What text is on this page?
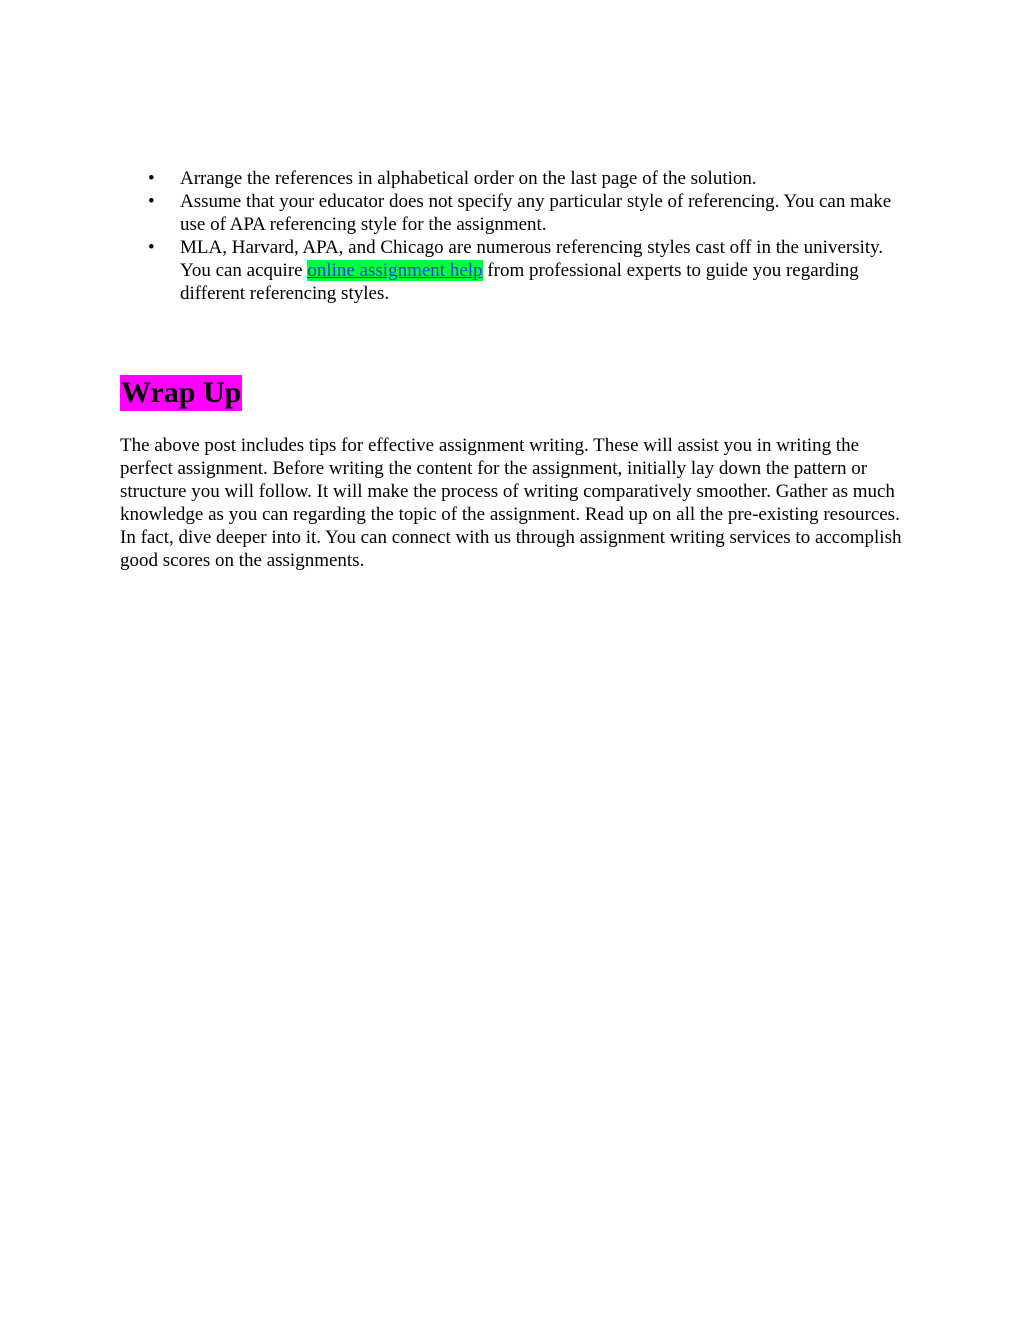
• Arrange the references in alphabetical order on the last page of the solution.
• Assume that your educator does not specify any particular style of referencing. You can make use of APA referencing style for the assignment.
• MLA, Harvard, APA, and Chicago are numerous referencing styles cast off in the university. You can acquire online assignment help from professional experts to guide you regarding different referencing styles.
Wrap Up

The above post includes tips for effective assignment writing. These will assist you in writing the perfect assignment. Before writing the content for the assignment, initially lay down the pattern or structure you will follow. It will make the process of writing comparatively smoother. Gather as much knowledge as you can regarding the topic of the assignment. Read up on all the pre-existing resources. In fact, dive deeper into it. You can connect with us through assignment writing services to accomplish good scores on the assignments.
